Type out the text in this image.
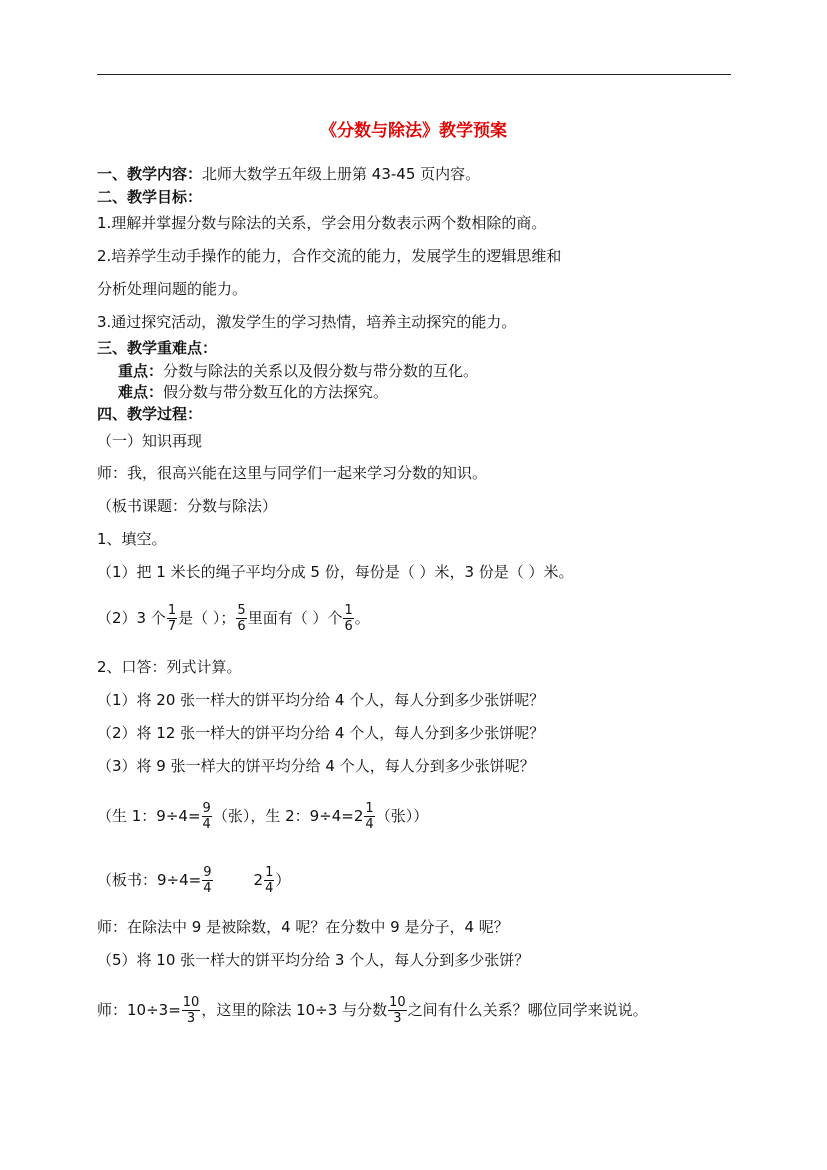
《分数与除法》教学预案
一、教学内容：北师大数学五年级上册第 43-45 页内容。
二、教学目标：
1.理解并掌握分数与除法的关系，学会用分数表示两个数相除的商。
2.培养学生动手操作的能力，合作交流的能力，发展学生的逻辑思维和
分析处理问题的能力。
3.通过探究活动，激发学生的学习热情，培养主动探究的能力。
三、教学重难点：
重点：分数与除法的关系以及假分数与带分数的互化。
难点：假分数与带分数互化的方法探究。
四、教学过程：
（一）知识再现
师：我，很高兴能在这里与同学们一起来学习分数的知识。
（板书课题：分数与除法）
1、填空。
（1）把 1 米长的绳子平均分成 5 份，每份是（ ）米，3 份是（ ）米。
（2）3 个 $\frac{1}{7}$ 是（ ）； $\frac{5}{6}$ 里面有（ ）个 $\frac{1}{6}$ 。
2、口答：列式计算。
（1）将 20 张一样大的饼平均分给 4 个人，每人分到多少张饼呢？
（2）将 12 张一样大的饼平均分给 4 个人，每人分到多少张饼呢？
（3）将 9 张一样大的饼平均分给 4 个人，每人分到多少张饼呢？
（生 1：$9\div 4= \frac{9}{4}$ （张），生 2：$9\div 4=2 \frac{1}{4}$ （张））
（板书：$9\div 4= \frac{9}{4}$	$2 \frac{1}{4}$ ）
师：在除法中 9 是被除数，4 呢？在分数中 9 是分子，4 呢？
（5）将 10 张一样大的饼平均分给 3 个人，每人分到多少张饼？
师：$10\div 3= \frac{10}{3}$ ，这里的除法 10÷3 与分数 $\frac{10}{3}$ 之间有什么关系？哪位同学来说说。
